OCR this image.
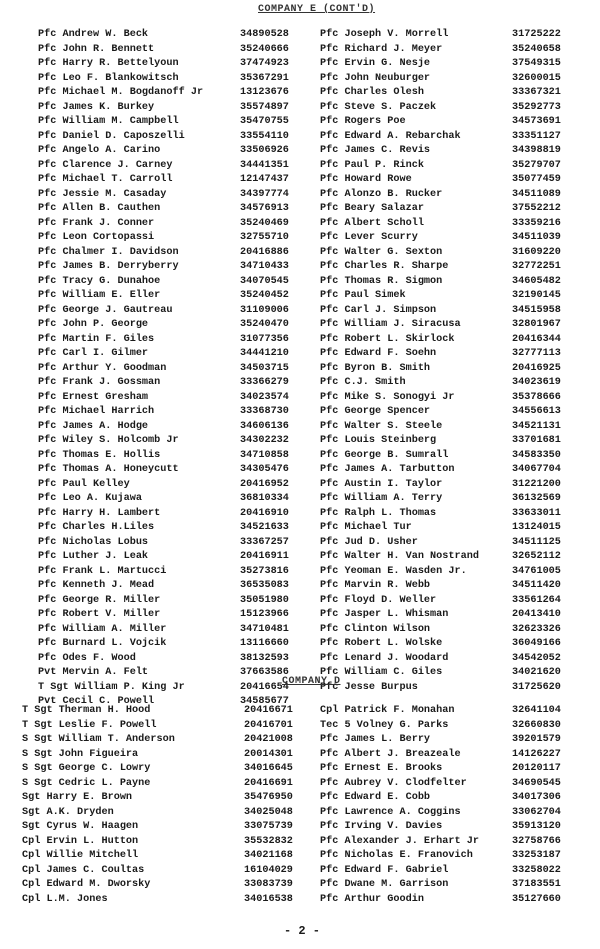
COMPANY E (CONT'D)
Pfc Andrew W. Beck	34890528
Pfc John R. Bennett	35240666
Pfc Harry R. Bettelyoun	37474923
Pfc Leo F. Blankowitsch	35367291
Pfc Michael M. Bogdanoff Jr	13123676
Pfc James K. Burkey	35574897
Pfc William M. Campbell	35470755
Pfc Daniel D. Caposzelli	33554110
Pfc Angelo A. Carino	33506926
Pfc Clarence J. Carney	34441351
Pfc Michael T. Carroll	12147437
Pfc Jessie M. Casaday	34397774
Pfc Allen B. Cauthen	34576913
Pfc Frank J. Conner	35240469
Pfc Leon Cortopassi	32755710
Pfc Chalmer I. Davidson	20416886
Pfc James B. Derryberry	34710433
Pfc Tracy G. Dunahoe	34070545
Pfc William E. Eller	35240452
Pfc George J. Gautreau	31109006
Pfc John P. George	35240470
Pfc Martin F. Giles	31077356
Pfc Carl I. Gilmer	34441210
Pfc Arthur Y. Goodman	34503715
Pfc Frank J. Gossman	33366279
Pfc Ernest Gresham	34023574
Pfc Michael Harrich	33368730
Pfc James A. Hodge	34606136
Pfc Wiley S. Holcomb Jr	34302232
Pfc Thomas E. Hollis	34710858
Pfc Thomas A. Honeycutt	34305476
Pfc Paul Kelley	20416952
Pfc Leo A. Kujawa	36810334
Pfc Harry H. Lambert	20416910
Pfc Charles H.Liles	34521633
Pfc Nicholas Lobus	33367257
Pfc Luther J. Leak	20416911
Pfc Frank L. Martucci	35273816
Pfc Kenneth J. Mead	36535083
Pfc George R. Miller	35051980
Pfc Robert V. Miller	15123966
Pfc William A. Miller	34710481
Pfc Burnard L. Vojcik	13116660
Pfc Odes F. Wood	38132593
Pvt Mervin A. Felt	37663586
T Sgt William P. King Jr	20416654
Pvt Cecil C. Powell	34585677
Pfc Joseph V. Morrell	31725222
Pfc Richard J. Meyer	35240658
Pfc Ervin G. Nesje	37549315
Pfc John Neuburger	32600015
Pfc Charles Olesh	33367321
Pfc Steve S. Paczek	35292773
Pfc Rogers Poe	34573691
Pfc Edward A. Rebarchak	33351127
Pfc James C. Revis	34398819
Pfc Paul P. Rinck	35279707
Pfc Howard Rowe	35077459
Pfc Alonzo B. Rucker	34511089
Pfc Beary Salazar	37552212
Pfc Albert Scholl	33359216
Pfc Lever Scurry	34511039
Pfc Walter G. Sexton	31609220
Pfc Charles R. Sharpe	32772251
Pfc Thomas R. Sigmon	34605482
Pfc Paul Simek	32190145
Pfc Carl J. Simpson	34515958
Pfc William J. Siracusa	32801967
Pfc Robert L. Skirlock	20416344
Pfc Edward F. Soehn	32777113
Pfc Byron B. Smith	20416925
Pfc C.J. Smith	34023619
Pfc Mike S. Sonogyi Jr	35378666
Pfc George Spencer	34556613
Pfc Walter S. Steele	34521131
Pfc Louis Steinberg	33701681
Pfc George B. Sumrall	34583350
Pfc James A. Tarbutton	34067704
Pfc Austin I. Taylor	31221200
Pfc William A. Terry	36132569
Pfc Ralph L. Thomas	33633011
Pfc Michael Tur	13124015
Pfc Jud D. Usher	34511125
Pfc Walter H. Van Nostrand	32652112
Pfc Yeoman E. Wasden Jr.	34761005
Pfc Marvin R. Webb	34511420
Pfc Floyd D. Weller	33561264
Pfc Jasper L. Whisman	20413410
Pfc Clinton Wilson	32623326
Pfc Robert L. Wolske	36049166
Pfc Lenard J. Woodard	34542052
Pfc William C. Giles	34021620
Pfc Jesse Burpus	31725620
COMPANY D
T Sgt Therman H. Hood	20416671
T Sgt Leslie F. Powell	20416701
S Sgt William T. Anderson	20421008
S Sgt John Figueira	20014301
S Sgt George C. Lowry	34016645
S Sgt Cedric L. Payne	20416691
Sgt Harry E. Brown	35476950
Sgt A.K. Dryden	34025048
Sgt Cyrus W. Haagen	33075739
Cpl Ervin L. Hutton	35532832
Cpl Willie Mitchell	34021168
Cpl James C. Coultas	16104029
Cpl Edward M. Dworsky	33083739
Cpl L.M. Jones	34016538
Cpl Patrick F. Monahan	32641104
Tec 5 Volney G. Parks	32660830
Pfc James L. Berry	39201579
Pfc Albert J. Breazeale	14126227
Pfc Ernest E. Brooks	20120117
Pfc Aubrey V. Clodfelter	34690545
Pfc Edward E. Cobb	34017306
Pfc Lawrence A. Coggins	33062704
Pfc Irving V. Davies	35913120
Pfc Alexander J. Erhart Jr	32758766
Pfc Nicholas E. Franovich	33253187
Pfc Edward F. Gabriel	33258022
Pfc Dwane M. Garrison	37183551
Pfc Arthur Goodin	35127660
- 2 -
